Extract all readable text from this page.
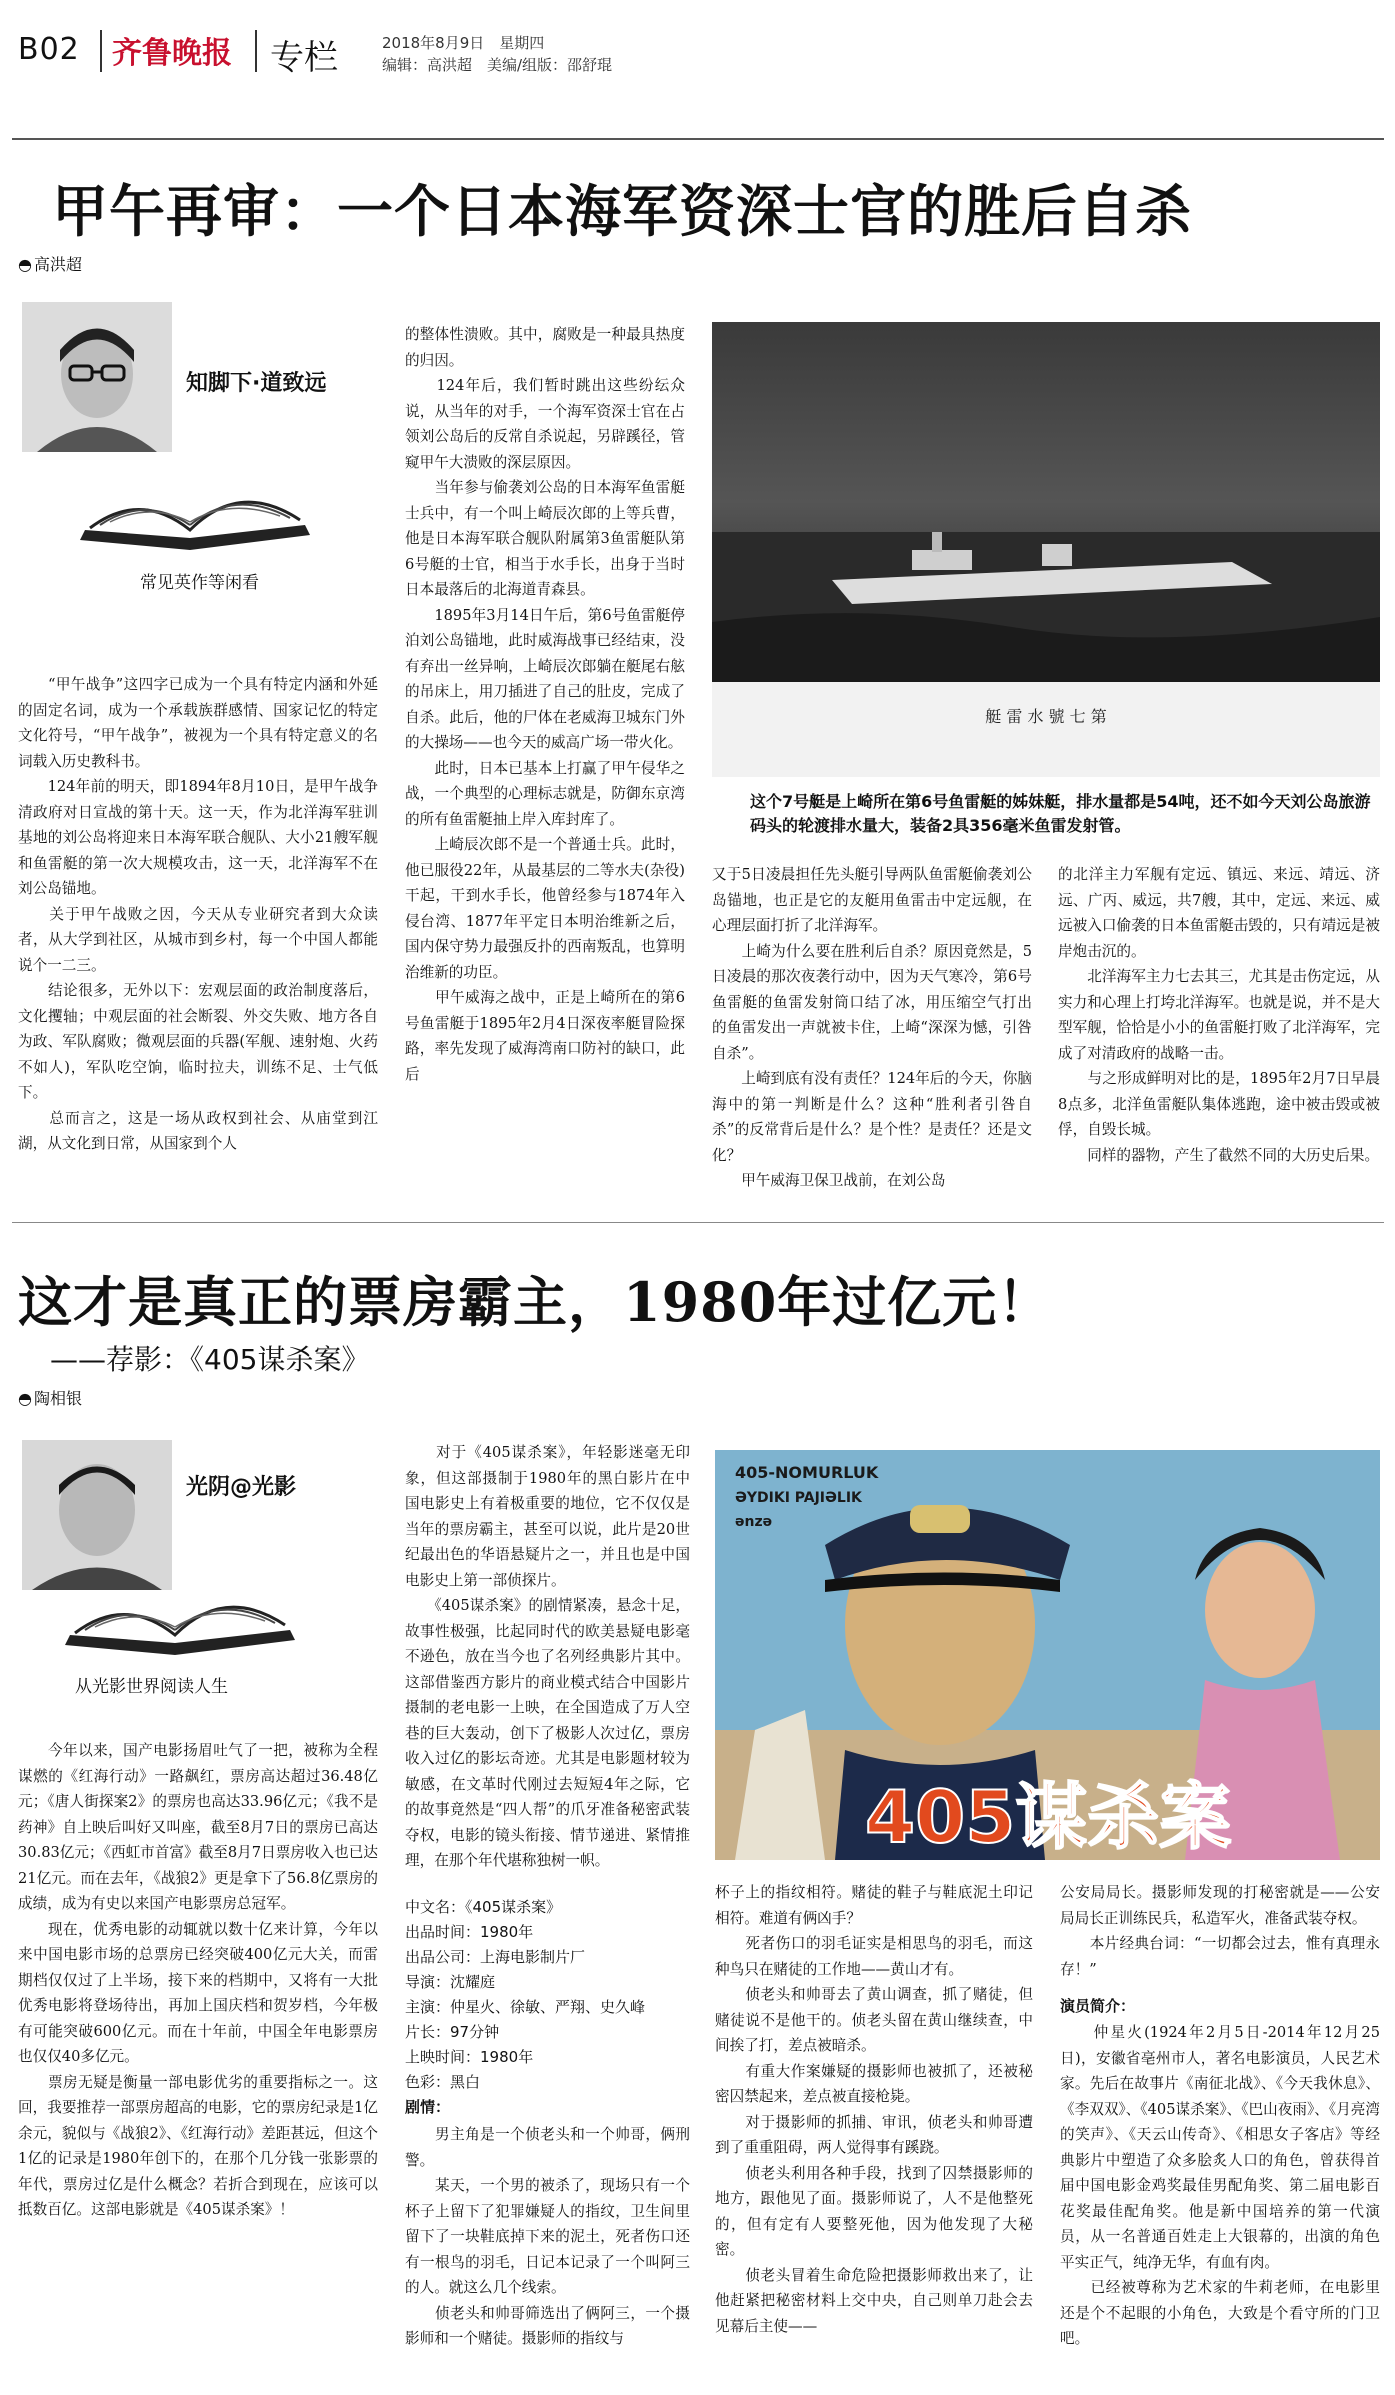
B02 齐鲁晚报 专栏	2018年8月9日　星期四
编辑：高洪超　美编/组版：邵舒琨
甲午再审：一个日本海军资深士官的胜后自杀
◓ 高洪超
知脚下·道致远
常见英作等闲看
　　“甲午战争”这四字已成为一个具有特定内涵和外延的固定名词，成为一个承载族群感情、国家记忆的特定文化符号，“甲午战争”，被视为一个具有特定意义的名词载入历史教科书。
　　124年前的明天，即1894年8月10日，是甲午战争清政府对日宣战的第十天。这一天，作为北洋海军驻训基地的刘公岛将迎来日本海军联合舰队、大小21艘军舰和鱼雷艇的第一次大规模攻击，这一天，北洋海军不在刘公岛锚地。
　　关于甲午战败之因，今天从专业研究者到大众读者，从大学到社区，从城市到乡村，每一个中国人都能说个一二三。
　　结论很多，无外以下：宏观层面的政治制度落后，文化攫轴；中观层面的社会断裂、外交失败、地方各自为政、军队腐败；微观层面的兵器(军舰、速射炮、火药不如人)，军队吃空饷，临时拉夫，训练不足、士气低下。
　　总而言之，这是一场从政权到社会、从庙堂到江湖，从文化到日常，从国家到个人
的整体性溃败。其中，腐败是一种最具热度的归因。
　　124年后，我们暂时跳出这些纷纭众说，从当年的对手，一个海军资深士官在占领刘公岛后的反常自杀说起，另辟蹊径，管窥甲午大溃败的深层原因。
　　当年参与偷袭刘公岛的日本海军鱼雷艇士兵中，有一个叫上崎辰次郎的上等兵曹，他是日本海军联合舰队附属第3鱼雷艇队第6号艇的士官，相当于水手长，出身于当时日本最落后的北海道青森县。
　　1895年3月14日午后，第6号鱼雷艇停泊刘公岛锚地，此时威海战事已经结束，没有弃出一丝异响，上崎辰次郎躺在艇尾右舷的吊床上，用刀插进了自己的肚皮，完成了自杀。此后，他的尸体在老威海卫城东门外的大操场——也今天的威高广场一带火化。
　　此时，日本已基本上打赢了甲午侵华之战，一个典型的心理标志就是，防御东京湾的所有鱼雷艇抽上岸入库封库了。
　　上崎辰次郎不是一个普通士兵。此时，他已服役22年，从最基层的二等水夫(杂役)干起，干到水手长，他曾经参与1874年入侵台湾、1877年平定日本明治维新之后，国内保守势力最强反扑的西南叛乱，也算明治维新的功臣。
　　甲午威海之战中，正是上崎所在的第6号鱼雷艇于1895年2月4日深夜率艇冒险探路，率先发现了威海湾南口防衬的缺口，此后
艇 雷 水 號 七 第
这个7号艇是上崎所在第6号鱼雷艇的姊妹艇，排水量都是54吨，还不如今天刘公岛旅游码头的轮渡排水量大，装备2具356毫米鱼雷发射管。
又于5日凌晨担任先头艇引导两队鱼雷艇偷袭刘公岛锚地，也正是它的友艇用鱼雷击中定远舰，在心理层面打折了北洋海军。
　　上崎为什么要在胜利后自杀？原因竟然是，5日凌晨的那次夜袭行动中，因为天气寒冷，第6号鱼雷艇的鱼雷发射筒口结了冰，用压缩空气打出的鱼雷发出一声就被卡住，上崎“深深为憾，引咎自杀”。
　　上崎到底有没有责任？124年后的今天，你脑海中的第一判断是什么？这种“胜利者引咎自杀”的反常背后是什么？是个性？是责任？还是文化？
　　甲午威海卫保卫战前，在刘公岛
的北洋主力军舰有定远、镇远、来远、靖远、济远、广丙、威远，共7艘，其中，定远、来远、威远被入口偷袭的日本鱼雷艇击毁的，只有靖远是被岸炮击沉的。
　　北洋海军主力七去其三，尤其是击伤定远，从实力和心理上打垮北洋海军。也就是说，并不是大型军舰，恰恰是小小的鱼雷艇打败了北洋海军，完成了对清政府的战略一击。
　　与之形成鲜明对比的是，1895年2月7日早晨8点多，北洋鱼雷艇队集体逃跑，途中被击毁或被俘，自毁长城。
　　同样的器物，产生了截然不同的大历史后果。
这才是真正的票房霸主，1980年过亿元！
——荐影：《405谋杀案》
◓ 陶相银
光阴@光影
从光影世界阅读人生
　　今年以来，国产电影扬眉吐气了一把，被称为全程谋燃的《红海行动》一路飙红，票房高达超过36.48亿元；《唐人街探案2》的票房也高达33.96亿元；《我不是药神》自上映后叫好又叫座，截至8月7日的票房已高达30.83亿元；《西虹市首富》截至8月7日票房收入也已达21亿元。而在去年，《战狼2》更是拿下了56.8亿票房的成绩，成为有史以来国产电影票房总冠军。
　　现在，优秀电影的动辄就以数十亿来计算，今年以来中国电影市场的总票房已经突破400亿元大关，而雷期档仅仅过了上半场，接下来的档期中，又将有一大批优秀电影将登场待出，再加上国庆档和贺岁档，今年极有可能突破600亿元。而在十年前，中国全年电影票房也仅仅40多亿元。
　　票房无疑是衡量一部电影优劣的重要指标之一。这回，我要推荐一部票房超高的电影，它的票房纪录是1亿余元，貌似与《战狼2》、《红海行动》差距甚远，但这个1亿的记录是1980年创下的，在那个几分钱一张影票的年代，票房过亿是什么概念？若折合到现在，应该可以抵数百亿。这部电影就是《405谋杀案》！
　　对于《405谋杀案》，年轻影迷毫无印象，但这部摄制于1980年的黑白影片在中国电影史上有着极重要的地位，它不仅仅是当年的票房霸主，甚至可以说，此片是20世纪最出色的华语悬疑片之一，并且也是中国电影史上第一部侦探片。
　　《405谋杀案》的剧情紧凑，悬念十足，故事性极强，比起同时代的欧美悬疑电影毫不逊色，放在当今也了名列经典影片其中。这部借鉴西方影片的商业模式结合中国影片摄制的老电影一上映，在全国造成了万人空巷的巨大轰动，创下了极影人次过亿，票房收入过亿的影坛奇迹。尤其是电影题材较为敏感，在文革时代刚过去短短4年之际，它的故事竟然是“四人帮”的爪牙准备秘密武装夺权，电影的镜头衔接、情节递进、紧情推理，在那个年代堪称独树一帜。
中文名：《405谋杀案》
出品时间：1980年
出品公司：上海电影制片厂
导演：沈耀庭
主演：仲星火、徐敏、严翔、史久峰
片长：97分钟
上映时间：1980年
色彩：黑白
剧情：
　　男主角是一个侦老头和一个帅哥，俩刑警。
　　某天，一个男的被杀了，现场只有一个杯子上留下了犯罪嫌疑人的指纹，卫生间里留下了一块鞋底掉下来的泥土，死者伤口还有一根鸟的羽毛，日记本记录了一个叫阿三的人。就这么几个线索。
　　侦老头和帅哥筛选出了俩阿三，一个摄影师和一个赌徒。摄影师的指纹与
405-NOMURLUK
ƏYDIKI PAJIƏLIK
ənzə
405谋杀案
杯子上的指纹相符。赌徒的鞋子与鞋底泥土印记相符。难道有俩凶手？
　　死者伤口的羽毛证实是相思鸟的羽毛，而这种鸟只在赌徒的工作地——黄山才有。
　　侦老头和帅哥去了黄山调查，抓了赌徒，但赌徒说不是他干的。侦老头留在黄山继续查，中间挨了打，差点被暗杀。
　　有重大作案嫌疑的摄影师也被抓了，还被秘密囚禁起来，差点被直接枪毙。
　　对于摄影师的抓捕、审讯，侦老头和帅哥遭到了重重阻碍，两人觉得事有蹊跷。
　　侦老头利用各种手段，找到了囚禁摄影师的地方，跟他见了面。摄影师说了，人不是他整死的，但有定有人要整死他，因为他发现了大秘密。
　　侦老头冒着生命危险把摄影师救出来了，让他赶紧把秘密材料上交中央，自己则单刀赴会去见幕后主使——
公安局局长。摄影师发现的打秘密就是——公安局局长正训练民兵，私造军火，准备武装夺权。
　　本片经典台词：“一切都会过去，惟有真理永存！”
演员简介：
　　仲星火(1924年2月5日-2014年12月25日)，安徽省亳州市人，著名电影演员，人民艺术家。先后在故事片《南征北战》、《今天我休息》、《李双双》、《405谋杀案》、《巴山夜雨》、《月亮湾的笑声》、《天云山传奇》、《相思女子客店》等经典影片中塑造了众多脍炙人口的角色，曾获得首届中国电影金鸡奖最佳男配角奖、第二届电影百花奖最佳配角奖。他是新中国培养的第一代演员，从一名普通百姓走上大银幕的，出演的角色平实正气，纯净无华，有血有肉。
　　已经被尊称为艺术家的牛莉老师，在电影里还是个不起眼的小角色，大致是个看守所的门卫吧。
